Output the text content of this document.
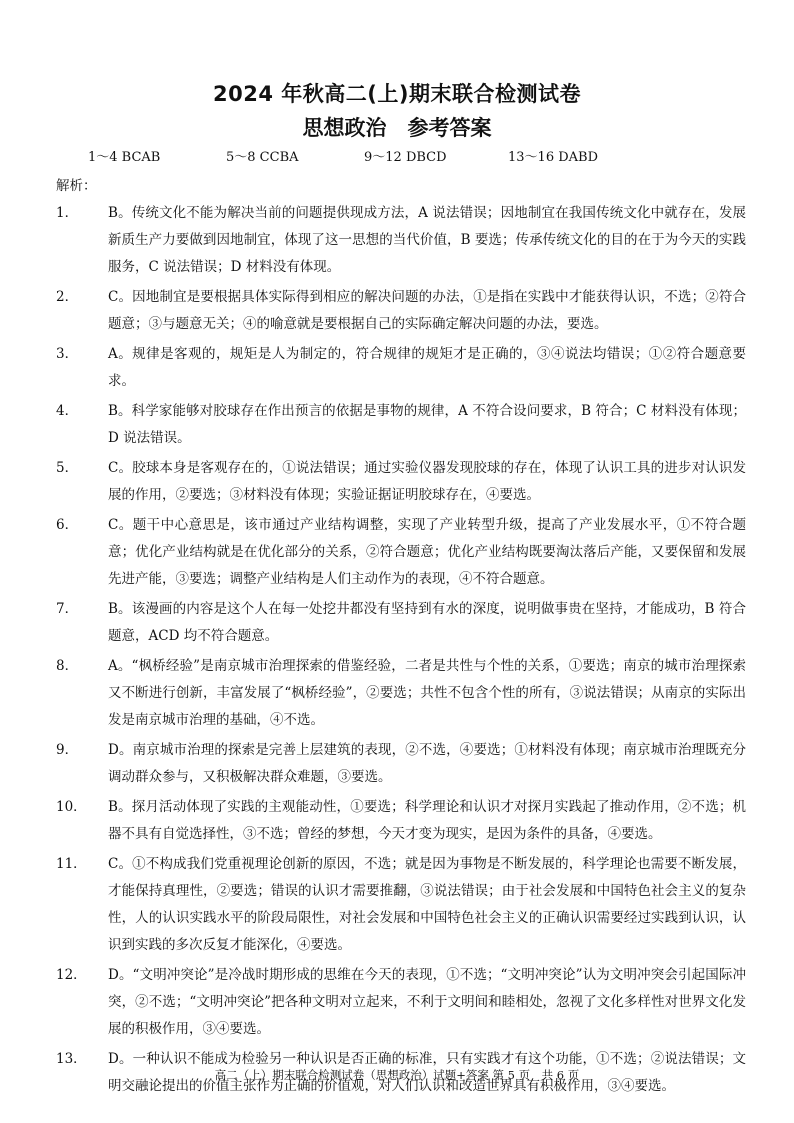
2024 年秋高二(上)期末联合检测试卷
思想政治　参考答案
1～4 BCAB	5～8 CCBA	9～12 DBCD	13～16 DABD
解析：
1．	B。传统文化不能为解决当前的问题提供现成方法，A 说法错误；因地制宜在我国传统文化中就存在，发展新质生产力要做到因地制宜，体现了这一思想的当代价值，B 要选；传承传统文化的目的在于为今天的实践服务，C 说法错误；D 材料没有体现。
2．	C。因地制宜是要根据具体实际得到相应的解决问题的办法，①是指在实践中才能获得认识，不选；②符合题意；③与题意无关；④的喻意就是要根据自己的实际确定解决问题的办法，要选。
3．	A。规律是客观的，规矩是人为制定的，符合规律的规矩才是正确的，③④说法均错误；①②符合题意要求。
4．	B。科学家能够对胶球存在作出预言的依据是事物的规律，A 不符合设问要求，B 符合；C 材料没有体现；D 说法错误。
5．	C。胶球本身是客观存在的，①说法错误；通过实验仪器发现胶球的存在，体现了认识工具的进步对认识发展的作用，②要选；③材料没有体现；实验证据证明胶球存在，④要选。
6．	C。题干中心意思是，该市通过产业结构调整，实现了产业转型升级，提高了产业发展水平，①不符合题意；优化产业结构就是在优化部分的关系，②符合题意；优化产业结构既要淘汰落后产能，又要保留和发展先进产能，③要选；调整产业结构是人们主动作为的表现，④不符合题意。
7．	B。该漫画的内容是这个人在每一处挖井都没有坚持到有水的深度，说明做事贵在坚持，才能成功，B 符合题意，ACD 均不符合题意。
8．	A。“枫桥经验”是南京城市治理探索的借鉴经验，二者是共性与个性的关系，①要选；南京的城市治理探索又不断进行创新，丰富发展了“枫桥经验”，②要选；共性不包含个性的所有，③说法错误；从南京的实际出发是南京城市治理的基础，④不选。
9．	D。南京城市治理的探索是完善上层建筑的表现，②不选，④要选；①材料没有体现；南京城市治理既充分调动群众参与，又积极解决群众难题，③要选。
10．	B。探月活动体现了实践的主观能动性，①要选；科学理论和认识才对探月实践起了推动作用，②不选；机器不具有自觉选择性，③不选；曾经的梦想，今天才变为现实，是因为条件的具备，④要选。
11．	C。①不构成我们党重视理论创新的原因，不选；就是因为事物是不断发展的，科学理论也需要不断发展，才能保持真理性，②要选；错误的认识才需要推翻，③说法错误；由于社会发展和中国特色社会主义的复杂性，人的认识实践水平的阶段局限性，对社会发展和中国特色社会主义的正确认识需要经过实践到认识，认识到实践的多次反复才能深化，④要选。
12．	D。“文明冲突论”是冷战时期形成的思维在今天的表现，①不选；“文明冲突论”认为文明冲突会引起国际冲突，②不选；“文明冲突论”把各种文明对立起来，不利于文明间和睦相处，忽视了文化多样性对世界文化发展的积极作用，③④要选。
13．	D。一种认识不能成为检验另一种认识是否正确的标准，只有实践才有这个功能，①不选；②说法错误；文明交融论提出的价值主张作为正确的价值观，对人们认识和改造世界具有积极作用，③④要选。
高二（上）期末联合检测试卷（思想政治）试题+答案 第 5 页　共 6 页
